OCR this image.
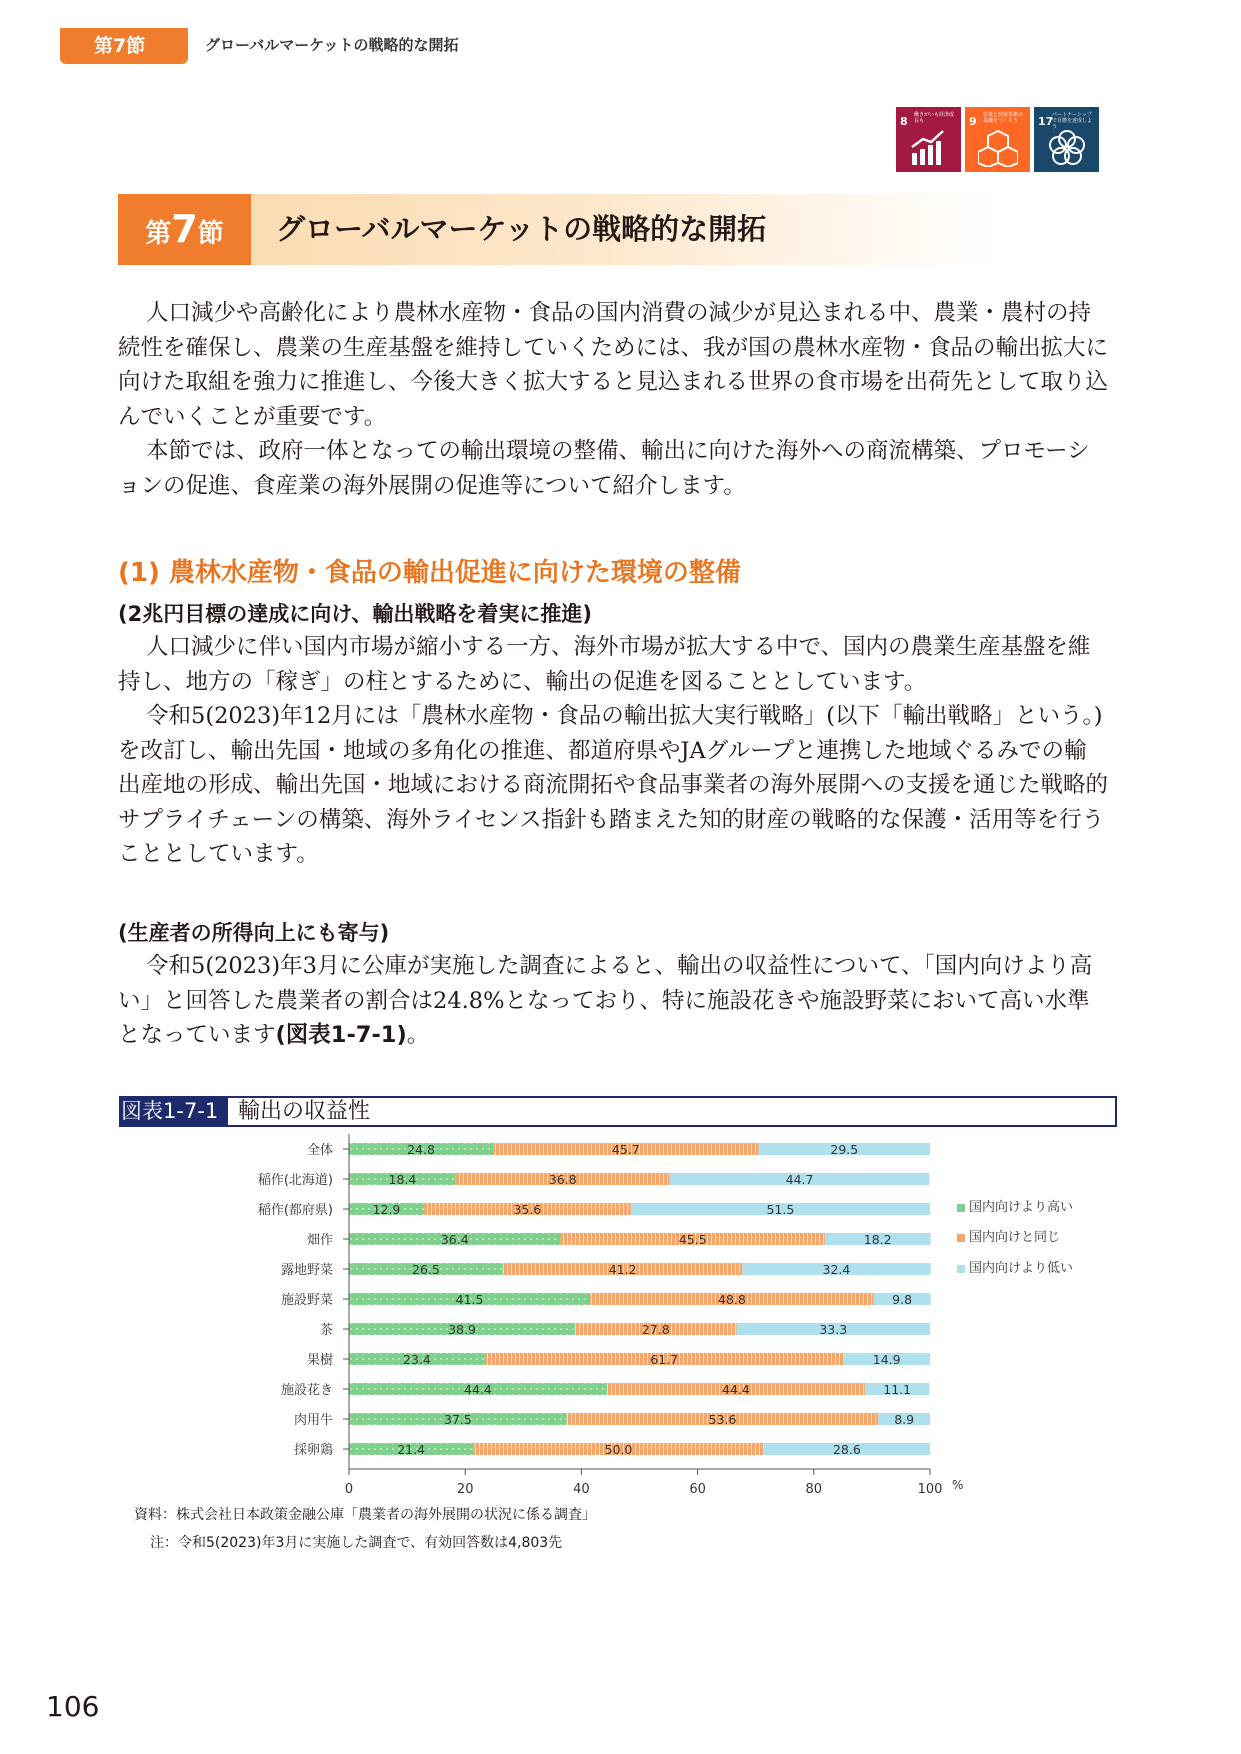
第7節	グローバルマーケットの戦略的な開拓
8 働きがいも経済成長も	9 産業と技術革新の基盤をつくろう	17
パートナーシップで目標を達成しよう
第7節	グローバルマーケットの戦略的な開拓

人口減少や高齢化により農林水産物・食品の国内消費の減少が見込まれる中、農業・農村の持続性を確保し、農業の生産基盤を維持していくためには、我が国の農林水産物・食品の輸出拡大に向けた取組を強力に推進し、今後大きく拡大すると見込まれる世界の食市場を出荷先として取り込んでいくことが重要です。

本節では、政府一体となっての輸出環境の整備、輸出に向けた海外への商流構築、プロモーションの促進、食産業の海外展開の促進等について紹介します。

(1) 農林水産物・食品の輸出促進に向けた環境の整備
(2兆円目標の達成に向け、輸出戦略を着実に推進)

人口減少に伴い国内市場が縮小する一方、海外市場が拡大する中で、国内の農業生産基盤を維持し、地方の「稼ぎ」の柱とするために、輸出の促進を図ることとしています。

令和5(2023)年12月には「農林水産物・食品の輸出拡大実行戦略」(以下「輸出戦略」という。)を改訂し、輸出先国・地域の多角化の推進、都道府県やJAグループと連携した地域ぐるみでの輸出産地の形成、輸出先国・地域における商流開拓や食品事業者の海外展開への支援を通じた戦略的サプライチェーンの構築、海外ライセンス指針も踏まえた知的財産の戦略的な保護・活用等を行うこととしています。

(生産者の所得向上にも寄与)

令和5(2023)年3月に公庫が実施した調査によると、輸出の収益性について、「国内向けより高い」と回答した農業者の割合は24.8%となっており、特に施設花きや施設野菜において高い水準となっています(図表1-7-1)。

図表1-7-1 輸出の収益性
全体	24.8	45.7	29.5
稲作(北海道)	18.4	36.8	44.7
稲作(都府県)	12.9	35.6	51.5
畑作	36.4	45.5	18.2
露地野菜	26.5	41.2	32.4
施設野菜	41.5	48.8	9.8
茶	38.9	27.8	33.3
果樹	23.4	61.7	14.9
施設花き	44.4	44.4	11.1
肉用牛	37.5	53.6	8.9
採卵鶏	21.4	50.0	28.6
0	20	40	60	80	100 %
国内向けより高い
国内向けと同じ
国内向けより低い
資料：株式会社日本政策金融公庫「農業者の海外展開の状況に係る調査」
注：令和5(2023)年3月に実施した調査で、有効回答数は4,803先
106
